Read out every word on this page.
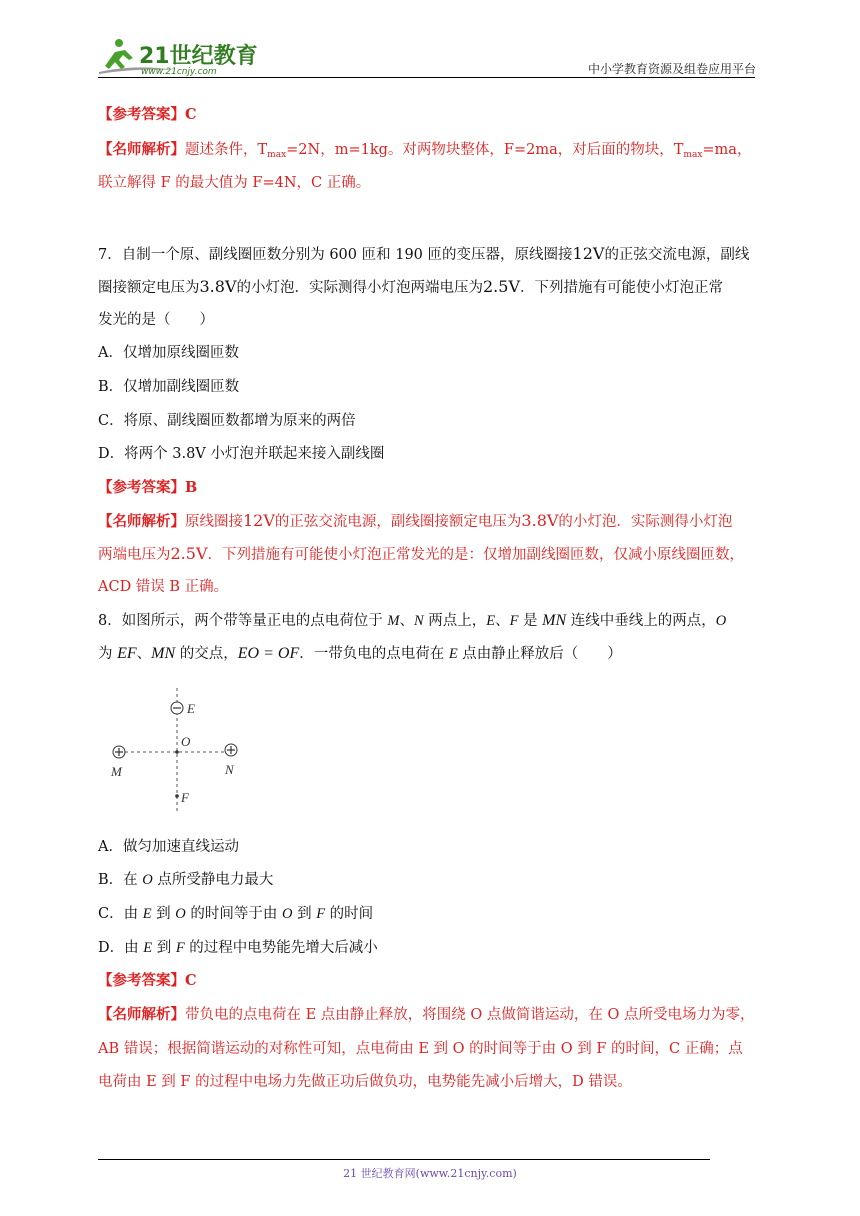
21世纪教育
www.21cnjy.com	中小学教育资源及组卷应用平台
【参考答案】C
【名师解析】题述条件，$T_{max}=2N$，m=1kg。对两物块整体，F=2ma，对后面的物块，$T_{max}=ma$，
联立解得 F 的最大值为 F=4N，C 正确。
7．自制一个原、副线圈匝数分别为 600 匝和 190 匝的变压器，原线圈接12V的正弦交流电源，副线
圈接额定电压为3.8V的小灯泡．实际测得小灯泡两端电压为2.5V．下列措施有可能使小灯泡正常
发光的是（　　）
A．仅增加原线圈匝数
B．仅增加副线圈匝数
C．将原、副线圈匝数都增为原来的两倍
D．将两个 3.8V 小灯泡并联起来接入副线圈
【参考答案】B
【名师解析】原线圈接12V的正弦交流电源，副线圈接额定电压为3.8V的小灯泡．实际测得小灯泡
两端电压为2.5V．下列措施有可能使小灯泡正常发光的是：仅增加副线圈匝数，仅减小原线圈匝数，
ACD 错误 B 正确。
8．如图所示，两个带等量正电的点电荷位于 M、N 两点上，E、F 是 MN 连线中垂线上的两点，O
为 EF、MN 的交点，EO = OF．一带负电的点电荷在 E 点由静止释放后（　　）
E
O
M	N
F
A．做匀加速直线运动
B．在 O 点所受静电力最大
C．由 E 到 O 的时间等于由 O 到 F 的时间
D．由 E 到 F 的过程中电势能先增大后减小
【参考答案】C
【名师解析】带负电的点电荷在 E 点由静止释放，将围绕 O 点做简谐运动，在 O 点所受电场力为零，
AB 错误；根据简谐运动的对称性可知，点电荷由 E 到 O 的时间等于由 O 到 F 的时间，C 正确；点
电荷由 E 到 F 的过程中电场力先做正功后做负功，电势能先减小后增大，D 错误。
21 世纪教育网(www.21cnjy.com)
